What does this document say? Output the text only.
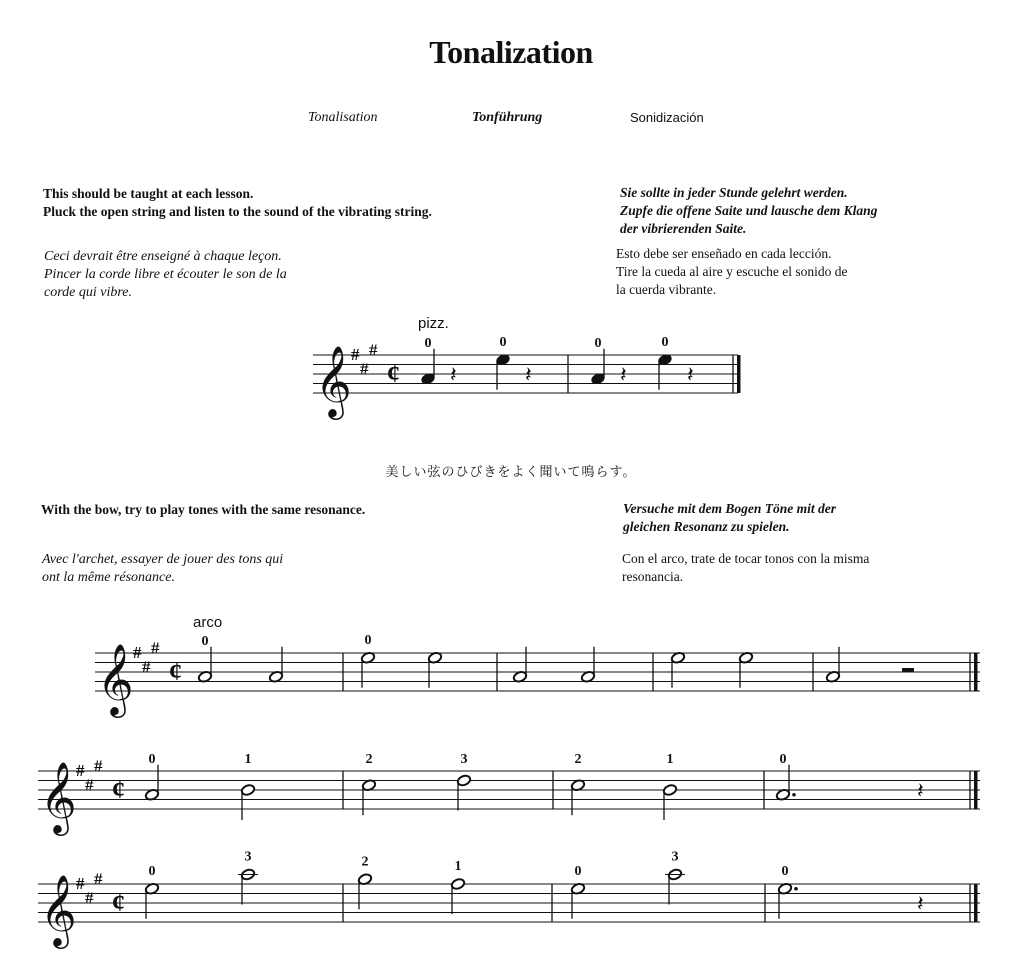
Tonalization
Tonalisation	Tonführung	Sonidización
This should be taught at each lesson.
Pluck the open string and listen to the sound of the vibrating string.
Ceci devrait être enseigné à chaque leçon.
Pincer la corde libre et écouter le son de la
corde qui vibre.
Sie sollte in jeder Stunde gelehrt werden.
Zupfe die offene Saite und lausche dem Klang
der vibrierenden Saite.
Esto debe ser enseñado en cada lección.
Tire la cueda al aire y escuche el sonido de
la cuerda vibrante.
美しい弦のひびきをよく聞いて鳴らす。
With the bow, try to play tones with the same resonance.
Avec l'archet, essayer de jouer des tons qui
ont la même résonance.
Versuche mit dem Bogen Töne mit der
gleichen Resonanz zu spielen.
Con el arco, trate de tocar tonos con la misma
resonancia.
pizz.
arco
𝄞 #
#
#
¢
0
𝄽
0
𝄽
0
𝄽
0
𝄽
𝄞 #
#
#
¢
0	0
𝄞 #
#
#
¢
0	1	2	3	2	1	0
𝄽
𝄞 #
#
#
¢
0
3	2	1	0
3
0
𝄽
